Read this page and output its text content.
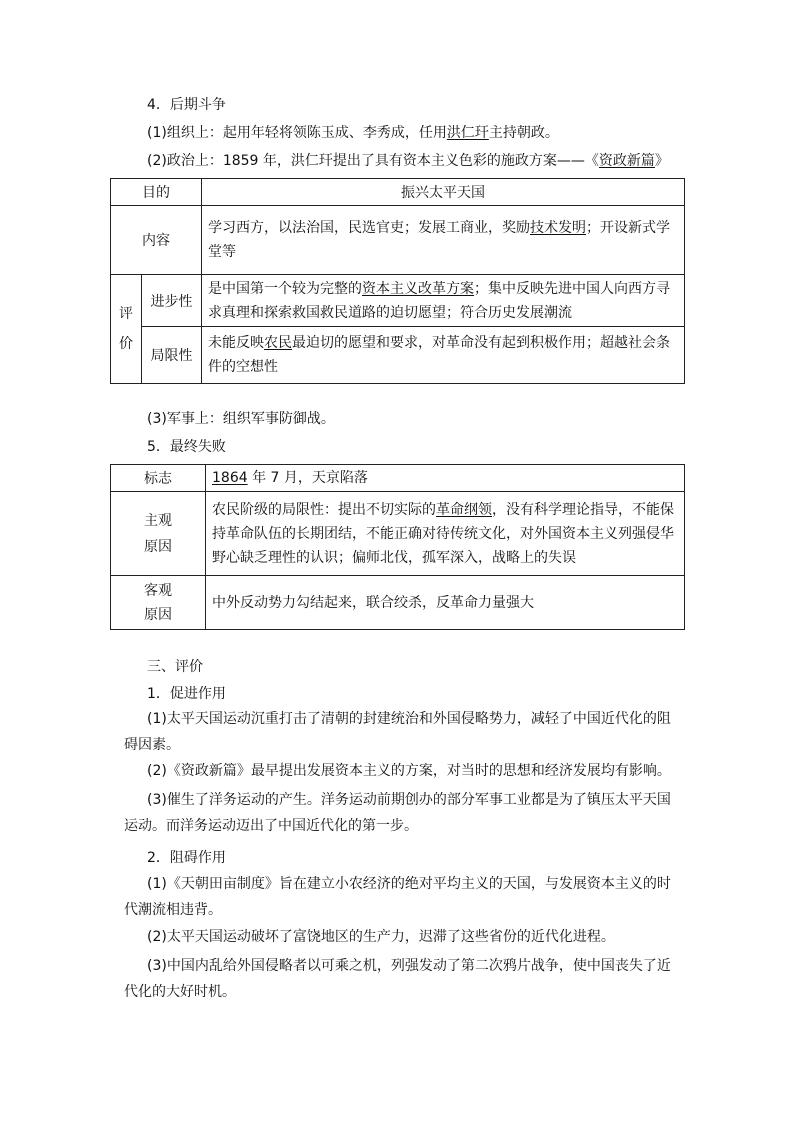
4．后期斗争
(1)组织上：起用年轻将领陈玉成、李秀成，任用洪仁玕主持朝政。
(2)政治上：1859 年，洪仁玕提出了具有资本主义色彩的施政方案——《资政新篇》
目的		振兴太平天国
内容		学习西方，以法治国，民选官吏；发展工商业，奖励技术发明；开设新式学堂等
评
价	进步性	是中国第一个较为完整的资本主义改革方案；集中反映先进中国人向西方寻求真理和探索救国救民道路的迫切愿望；符合历史发展潮流
	局限性	未能反映农民最迫切的愿望和要求，对革命没有起到积极作用；超越社会条件的空想性
(3)军事上：组织军事防御战。
5．最终失败
标志	1864 年 7 月，天京陷落
主观
原因	农民阶级的局限性：提出不切实际的革命纲领，没有科学理论指导，不能保持革命队伍的长期团结，不能正确对待传统文化，对外国资本主义列强侵华野心缺乏理性的认识；偏师北伐，孤军深入，战略上的失误
客观
原因	中外反动势力勾结起来，联合绞杀，反革命力量强大
三、评价
1．促进作用
(1)太平天国运动沉重打击了清朝的封建统治和外国侵略势力，减轻了中国近代化的阻碍因素。
(2)《资政新篇》最早提出发展资本主义的方案，对当时的思想和经济发展均有影响。
(3)催生了洋务运动的产生。洋务运动前期创办的部分军事工业都是为了镇压太平天国运动。而洋务运动迈出了中国近代化的第一步。
2．阻碍作用
(1)《天朝田亩制度》旨在建立小农经济的绝对平均主义的天国，与发展资本主义的时代潮流相违背。
(2)太平天国运动破坏了富饶地区的生产力，迟滞了这些省份的近代化进程。
(3)中国内乱给外国侵略者以可乘之机，列强发动了第二次鸦片战争，使中国丧失了近代化的大好时机。
